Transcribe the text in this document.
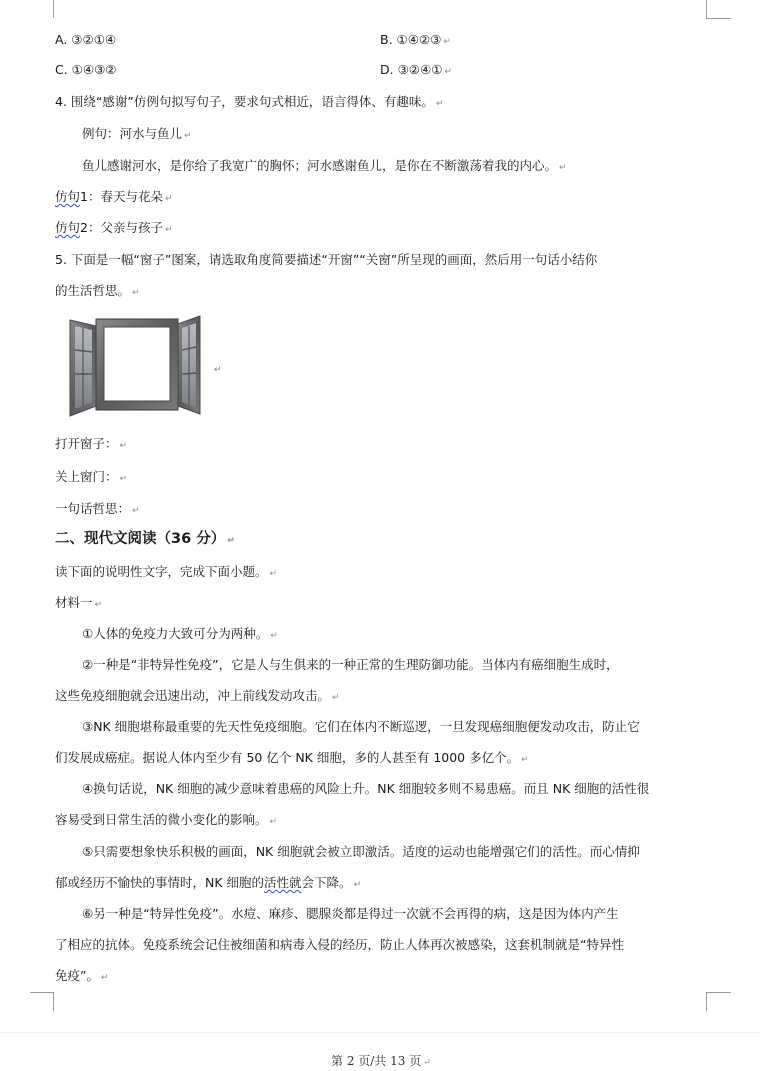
A. ③②①④	B. ①④②③ ↵
C. ①④③②	D. ③②④① ↵
4. 围绕“感谢”仿例句拟写句子，要求句式相近，语言得体、有趣味。 ↵
例句：河水与鱼儿 ↵
鱼儿感谢河水，是你给了我宽广的胸怀；河水感谢鱼儿，是你在不断激荡着我的内心。 ↵
仿句1：春天与花朵 ↵
仿句2：父亲与孩子 ↵
5. 下面是一幅“窗子”图案，请选取角度简要描述“开窗”“关窗”所呈现的画面，然后用一句话小结你
的生活哲思。 ↵
↵
打开窗子： ↵
关上窗门： ↵
一句话哲思： ↵
二、现代文阅读（36 分） ↵
读下面的说明性文字，完成下面小题。 ↵
材料一 ↵
①人体的免疫力大致可分为两种。 ↵
②一种是“非特异性免疫”，它是人与生俱来的一种正常的生理防御功能。当体内有癌细胞生成时，
这些免疫细胞就会迅速出动，冲上前线发动攻击。 ↵
③NK 细胞堪称最重要的先天性免疫细胞。它们在体内不断巡逻，一旦发现癌细胞便发动攻击，防止它
们发展成癌症。据说人体内至少有 50 亿个 NK 细胞，多的人甚至有 1000 多亿个。 ↵
④换句话说，NK 细胞的减少意味着患癌的风险上升。NK 细胞较多则不易患癌。而且 NK 细胞的活性很
容易受到日常生活的微小变化的影响。 ↵
⑤只需要想象快乐积极的画面，NK 细胞就会被立即激活。适度的运动也能增强它们的活性。而心情抑
郁或经历不愉快的事情时，NK 细胞的活性就会下降。 ↵
⑥另一种是“特异性免疫”。水痘、麻疹、腮腺炎都是得过一次就不会再得的病，这是因为体内产生
了相应的抗体。免疫系统会记住被细菌和病毒入侵的经历，防止人体再次被感染，这套机制就是“特异性
免疫”。 ↵
第 2 页/共 13 页 ↵
